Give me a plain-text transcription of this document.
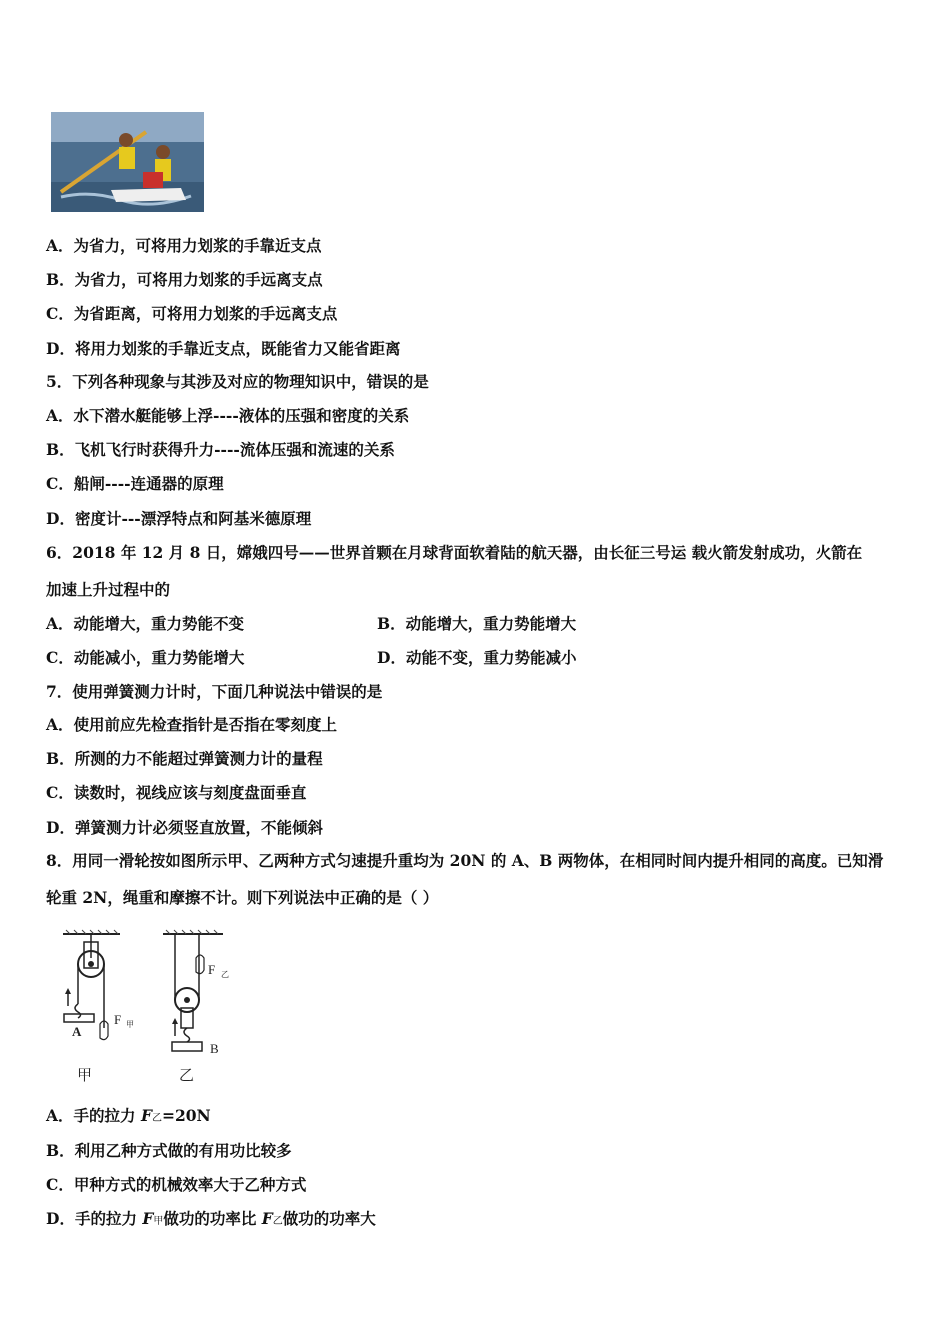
A．为省力，可将用力划浆的手靠近支点
B．为省力，可将用力划浆的手远离支点
C．为省距离，可将用力划浆的手远离支点
D．将用力划浆的手靠近支点，既能省力又能省距离
5．下列各种现象与其涉及对应的物理知识中，错误的是
A．水下潜水艇能够上浮----液体的压强和密度的关系
B．飞机飞行时获得升力----流体压强和流速的关系
C．船闸----连通器的原理
D．密度计---漂浮特点和阿基米德原理
6．2018 年 12 月 8 日，嫦娥四号——世界首颗在月球背面软着陆的航天器，由长征三号运 载火箭发射成功，火箭在
加速上升过程中的
A．动能增大，重力势能不变	B．动能增大，重力势能增大
C．动能减小，重力势能增大	D．动能不变，重力势能减小
7．使用弹簧测力计时，下面几种说法中错误的是
A．使用前应先检查指针是否指在零刻度上
B．所测的力不能超过弹簧测力计的量程
C．读数时，视线应该与刻度盘面垂直
D．弹簧测力计必须竖直放置，不能倾斜
8．用同一滑轮按如图所示甲、乙两种方式匀速提升重均为 20N 的 A、B 两物体，在相同时间内提升相同的高度。已知滑
轮重 2N，绳重和摩擦不计。则下列说法中正确的是（ ）
A
F 甲
甲
F 乙
B
乙
A．手的拉力 F乙=20N
B．利用乙种方式做的有用功比较多
C．甲种方式的机械效率大于乙种方式
D．手的拉力 F甲做功的功率比 F乙做功的功率大
